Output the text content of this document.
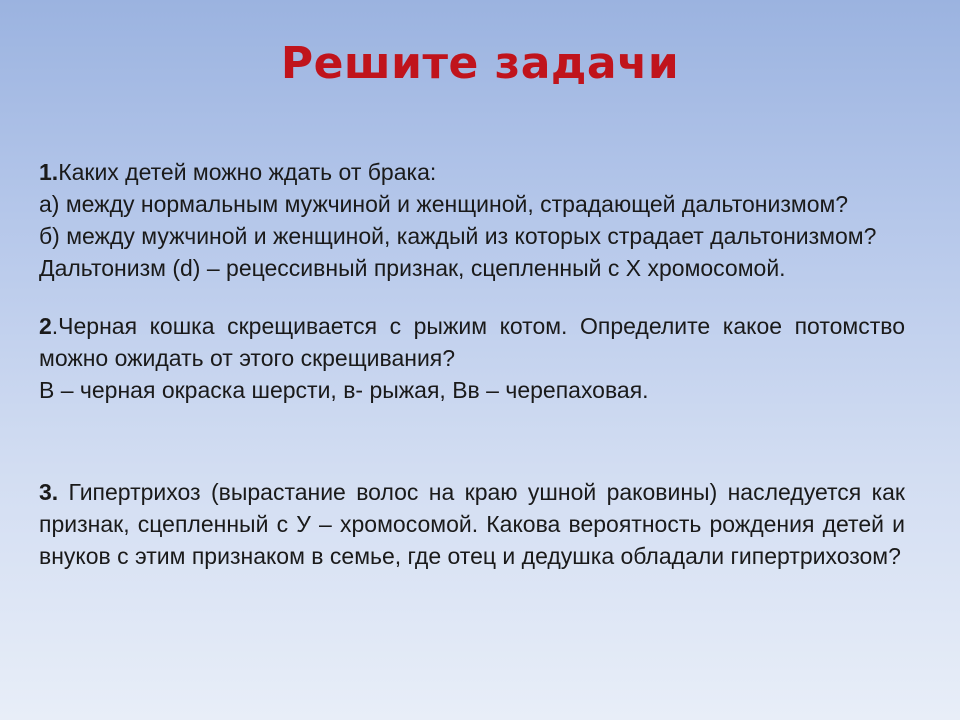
Решите задачи

1.Каких детей можно ждать от брака:

а) между нормальным мужчиной и женщиной, страдающей дальтонизмом?

б) между мужчиной и женщиной, каждый из которых страдает дальтонизмом?

Дальтонизм (d) – рецессивный признак, сцепленный с Х хромосомой.

2.Черная кошка скрещивается с рыжим котом. Определите какое потомство можно ожидать от этого скрещивания?

В – черная окраска шерсти, в- рыжая, Вв – черепаховая.

3. Гипертрихоз (вырастание волос на краю ушной раковины) наследуется как признак, сцепленный с У – хромосомой. Какова вероятность рождения детей и внуков с этим признаком в семье, где отец и дедушка обладали гипертрихозом?
